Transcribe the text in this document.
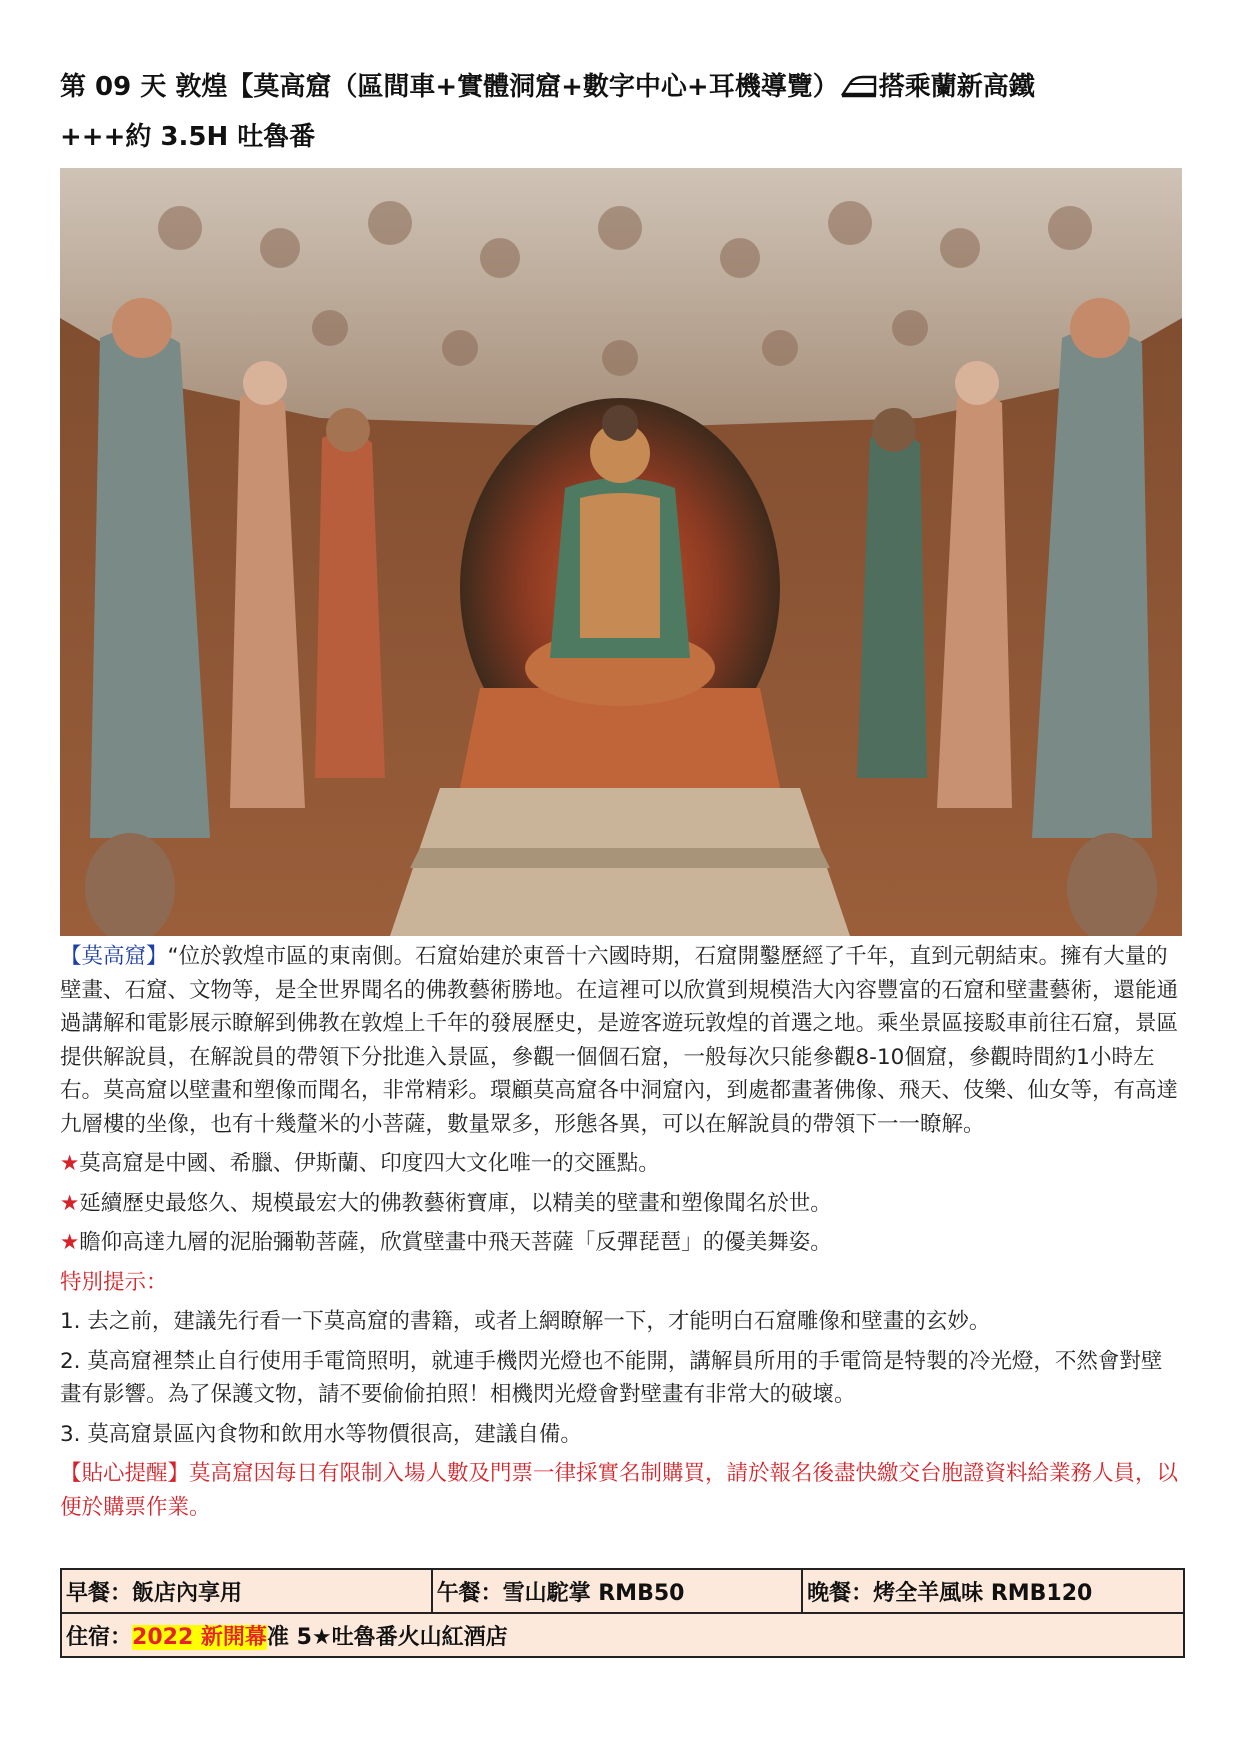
第 09 天 敦煌【莫高窟（區間車+實體洞窟+數字中心+耳機導覽） 搭乘蘭新高鐵
+++約 3.5H 吐魯番

【莫高窟】“位於敦煌市區的東南側。石窟始建於東晉十六國時期，石窟開鑿歷經了千年，直到元朝結束。擁有大量的壁畫、石窟、文物等，是全世界聞名的佛教藝術勝地。在這裡可以欣賞到規模浩大內容豐富的石窟和壁畫藝術，還能通過講解和電影展示瞭解到佛教在敦煌上千年的發展歷史，是遊客遊玩敦煌的首選之地。乘坐景區接駁車前往石窟，景區提供解說員，在解說員的帶領下分批進入景區，參觀一個個石窟，一般每次只能參觀8-10個窟，參觀時間約1小時左右。莫高窟以壁畫和塑像而聞名，非常精彩。環顧莫高窟各中洞窟內，到處都畫著佛像、飛天、伎樂、仙女等，有高達九層樓的坐像，也有十幾釐米的小菩薩，數量眾多，形態各異，可以在解說員的帶領下一一瞭解。

★莫高窟是中國、希臘、伊斯蘭、印度四大文化唯一的交匯點。

★延續歷史最悠久、規模最宏大的佛教藝術寶庫，以精美的壁畫和塑像聞名於世。

★瞻仰高達九層的泥胎彌勒菩薩，欣賞壁畫中飛天菩薩「反彈琵琶」的優美舞姿。

特別提示：

1. 去之前，建議先行看一下莫高窟的書籍，或者上網瞭解一下，才能明白石窟雕像和壁畫的玄妙。

2. 莫高窟裡禁止自行使用手電筒照明，就連手機閃光燈也不能開，講解員所用的手電筒是特製的冷光燈，不然會對壁畫有影響。為了保護文物，請不要偷偷拍照！相機閃光燈會對壁畫有非常大的破壞。

3. 莫高窟景區內食物和飲用水等物價很高，建議自備。

【貼心提醒】莫高窟因每日有限制入場人數及門票一律採實名制購買，請於報名後盡快繳交台胞證資料給業務人員，以便於購票作業。

早餐：飯店內享用	午餐：雪山駝掌 RMB50	晚餐：烤全羊風味 RMB120
住宿：2022 新開幕准 5★吐魯番火山紅酒店
